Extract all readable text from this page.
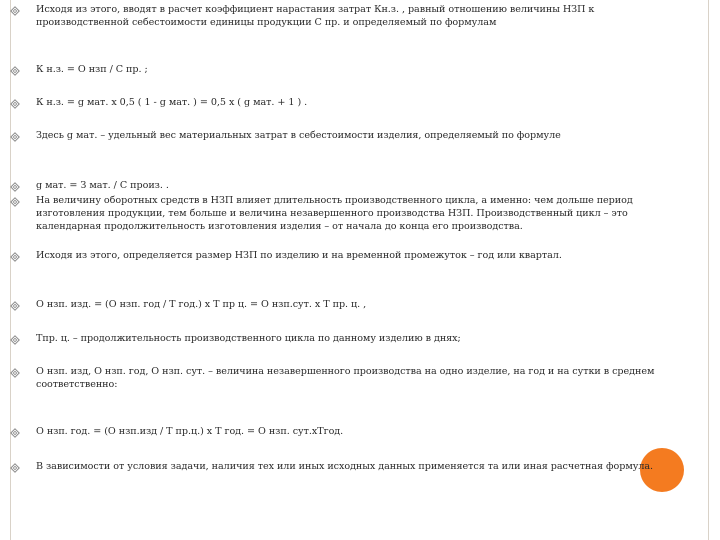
Исходя из этого, вводят в расчет коэффициент нарастания затрат Кн.з. , равный отношению величины НЗП к производственной себестоимости единицы продукции С пр. и определяемый по формулам
К н.з. = О нзп / С пр. ;
К н.з. = g мат. х 0,5 ( 1 - g мат. ) = 0,5 х ( g мат. + 1 ) .
Здесь g мат. – удельный вес материальных затрат в себестоимости изделия, определяемый по формуле
g мат. = З мат. / С произ. .
На величину оборотных средств в НЗП влияет длительность производственного цикла, а именно: чем дольше период изготовления продукции, тем больше и величина незавершенного производства НЗП. Производственный цикл – это календарная продолжительность изготовления изделия – от начала до конца его производства.
Исходя из этого, определяется размер НЗП по изделию и на временной промежуток – год или квартал.
О нзп. изд. = (О нзп. год / Т год.) х Т пр ц. = О нзп.сут. х Т пр. ц. ,
Тпр. ц. – продолжительность производственного цикла по данному изделию в днях;
О нзп. изд, О нзп. год, О нзп. сут. – величина незавершенного производства на одно изделие, на год и на сутки в среднем соответственно:
О нзп. год. = (О нзп.изд / Т пр.ц.) х Т год. = О нзп. сут.хТгод.
В зависимости от условия задачи, наличия тех или иных исходных данных применяется та или иная расчетная формула.
